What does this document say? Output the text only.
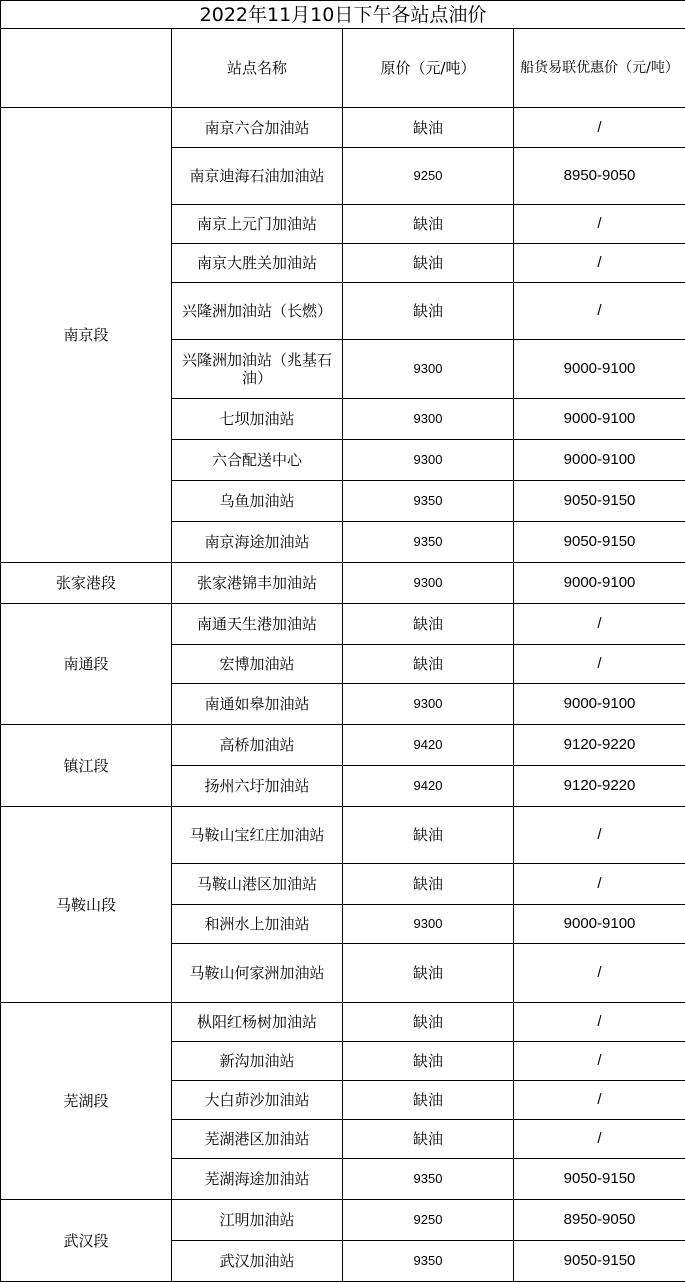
2022年11月10日下午各站点油价			
	站点名称	原价（元/吨）	船货易联优惠价（元/吨）
南京段	南京六合加油站	缺油	/
	南京迪海石油加油站	9250	8950-9050
	南京上元门加油站	缺油	/
	南京大胜关加油站	缺油	/
	兴隆洲加油站（长燃）	缺油	/
	兴隆洲加油站（兆基石油）	9300	9000-9100
	七坝加油站	9300	9000-9100
	六合配送中心	9300	9000-9100
	乌鱼加油站	9350	9050-9150
	南京海途加油站	9350	9050-9150
张家港段	张家港锦丰加油站	9300	9000-9100
南通段	南通天生港加油站	缺油	/
	宏博加油站	缺油	/
	南通如皋加油站	9300	9000-9100
镇江段	高桥加油站	9420	9120-9220
	扬州六圩加油站	9420	9120-9220
马鞍山段	马鞍山宝红庄加油站	缺油	/
	马鞍山港区加油站	缺油	/
	和洲水上加油站	9300	9000-9100
	马鞍山何家洲加油站	缺油	/
芜湖段	枞阳红杨树加油站	缺油	/
	新沟加油站	缺油	/
	大白茆沙加油站	缺油	/
	芜湖港区加油站	缺油	/
	芜湖海途加油站	9350	9050-9150
武汉段	江明加油站	9250	8950-9050
	武汉加油站	9350	9050-9150
